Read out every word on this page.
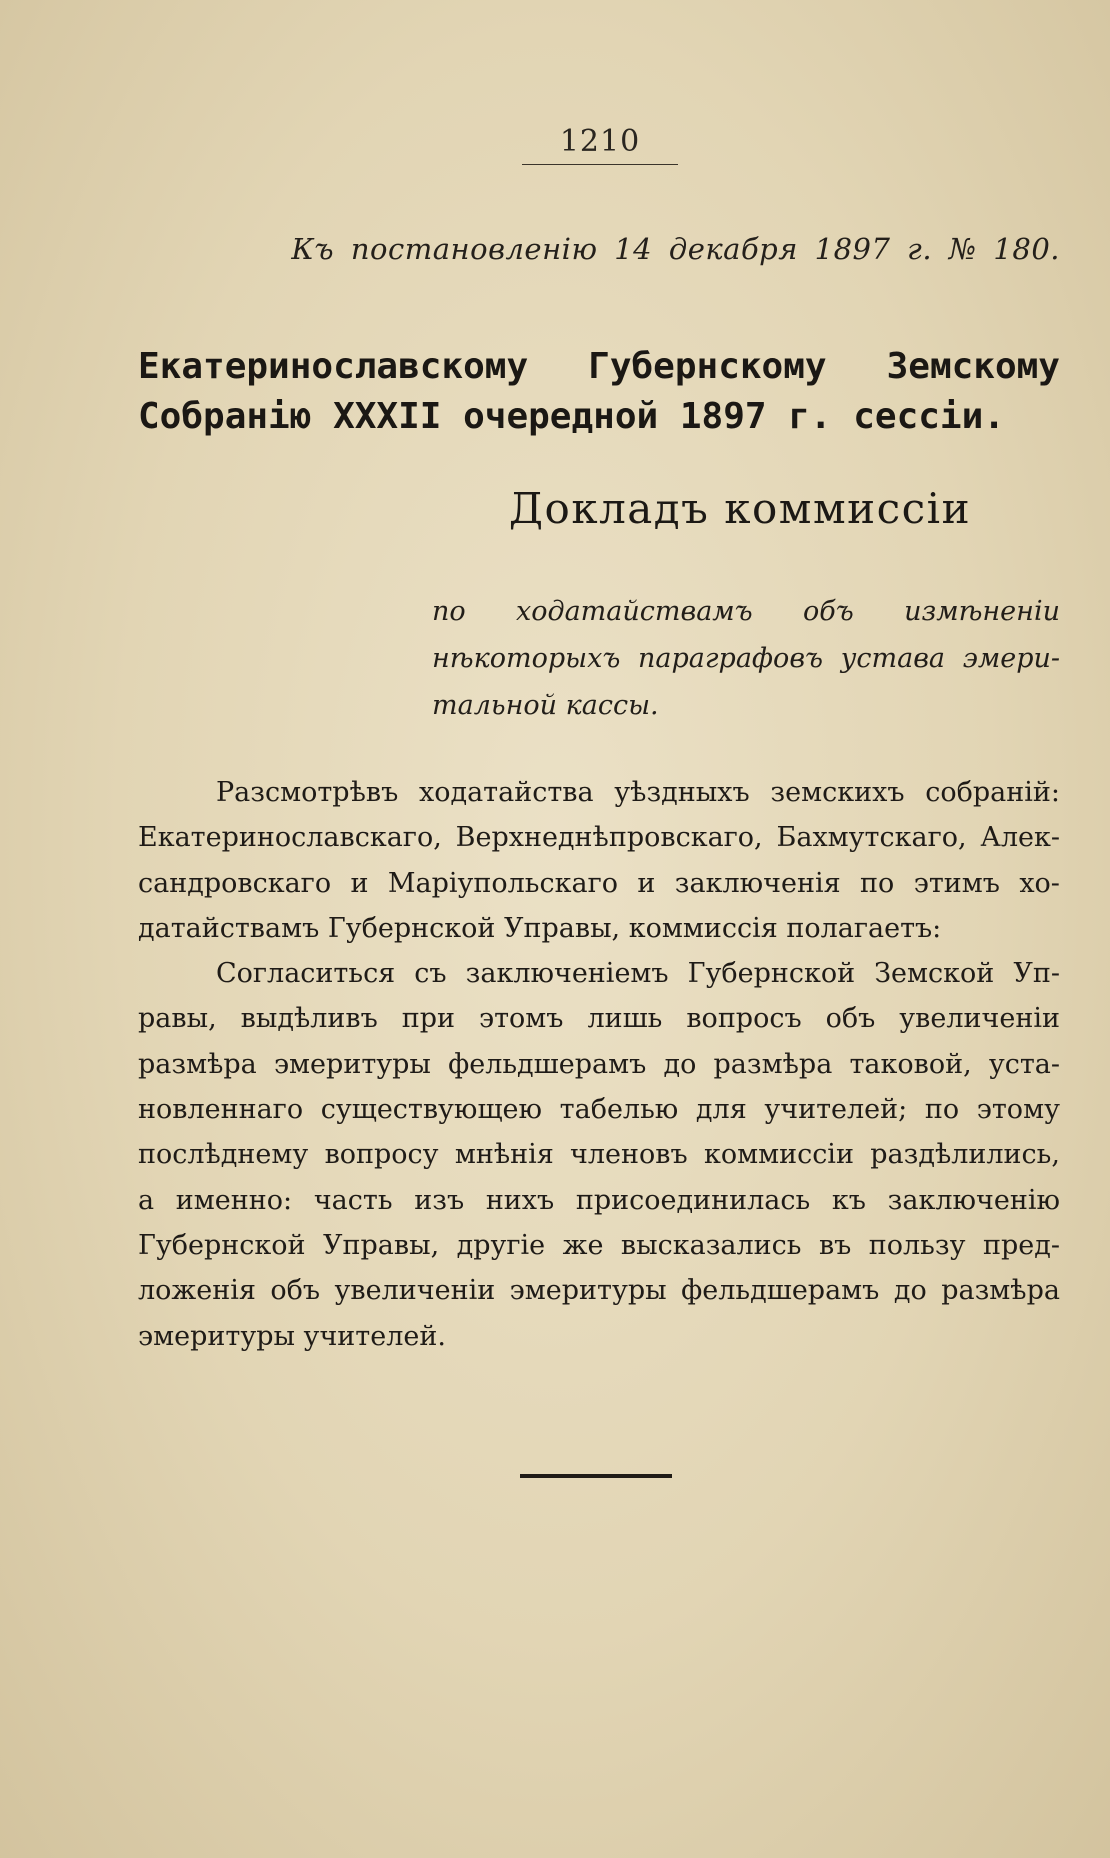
1210
Къ постановленію 14 декабря 1897 г. № 180.
Екатеринославскому Губернскому Земскому
Собранію XXXII очередной 1897 г. сессіи.
Докладъ коммиссіи
по ходатайствамъ объ измѣненіи
нѣкоторыхъ параграфовъ устава эмери-
тальной кассы.
Разсмотрѣвъ ходатайства уѣздныхъ земскихъ собраній:
Екатеринославскаго, Верхнеднѣпровскаго, Бахмутскаго, Алек-
сандровскаго и Маріупольскаго и заключенія по этимъ хо-
датайствамъ Губернской Управы, коммиссія полагаетъ:
Согласиться съ заключеніемъ Губернской Земской Уп-
равы, выдѣливъ при этомъ лишь вопросъ объ увеличеніи
размѣра эмеритуры фельдшерамъ до размѣра таковой, уста-
новленнаго существующею табелью для учителей; по этому
послѣднему вопросу мнѣнія членовъ коммиссіи раздѣлились,
а именно: часть изъ нихъ присоединилась къ заключенію
Губернской Управы, другіе же высказались въ пользу пред-
ложенія объ увеличеніи эмеритуры фельдшерамъ до размѣра
эмеритуры учителей.
